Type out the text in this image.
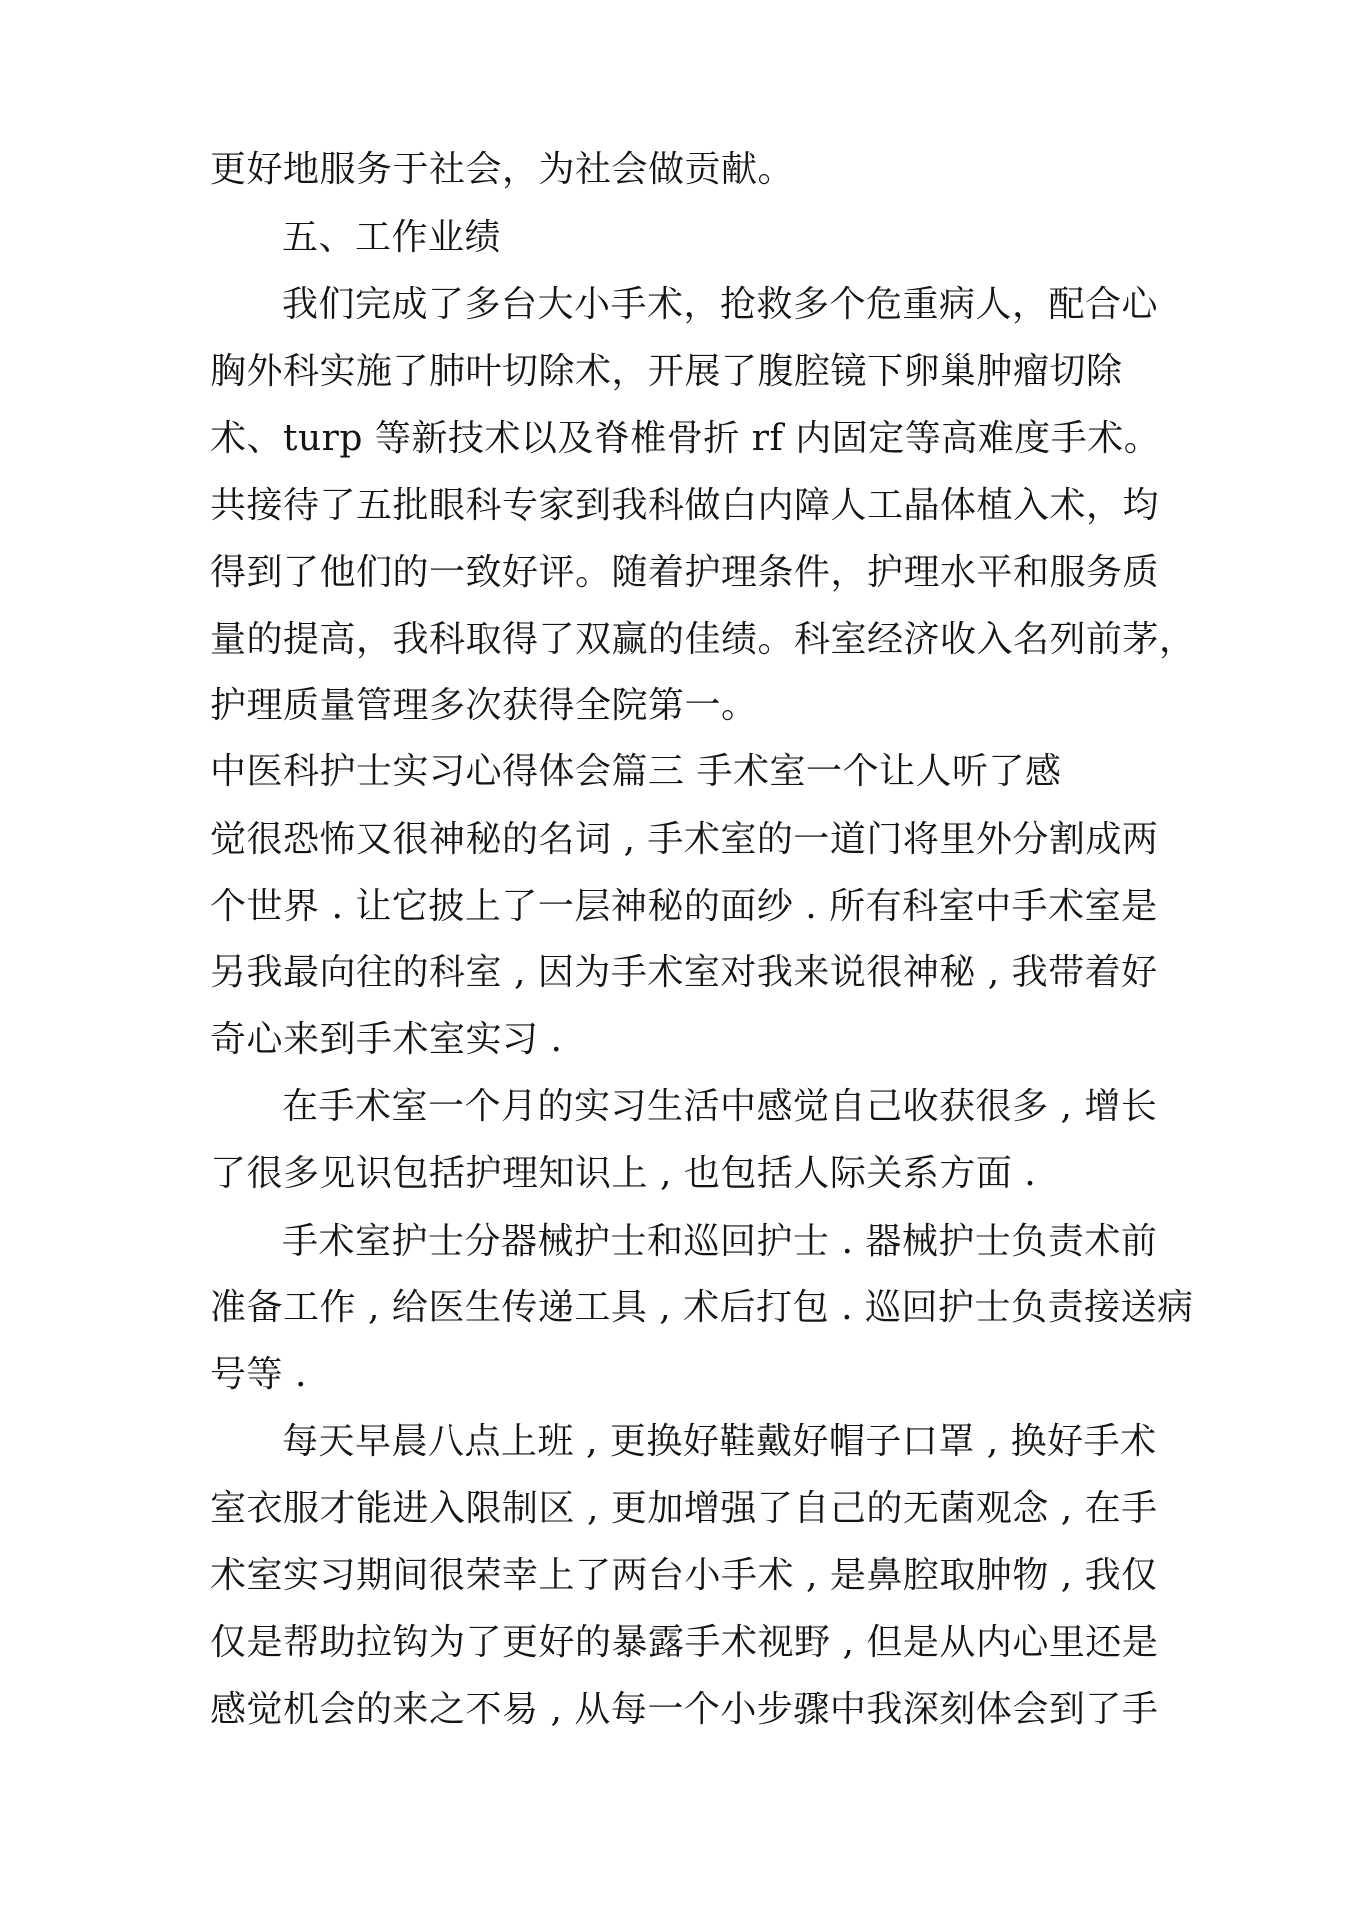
更好地服务于社会，为社会做贡献。

五、工作业绩

我们完成了多台大小手术，抢救多个危重病人，配合心

胸外科实施了肺叶切除术，开展了腹腔镜下卵巢肿瘤切除

术、turp 等新技术以及脊椎骨折 rf 内固定等高难度手术。

共接待了五批眼科专家到我科做白内障人工晶体植入术，均

得到了他们的一致好评。随着护理条件，护理水平和服务质

量的提高，我科取得了双赢的佳绩。科室经济收入名列前茅，

护理质量管理多次获得全院第一。

中医科护士实习心得体会篇三 手术室一个让人听了感

觉很恐怖又很神秘的名词 , 手术室的一道门将里外分割成两

个世界 . 让它披上了一层神秘的面纱 . 所有科室中手术室是

另我最向往的科室 , 因为手术室对我来说很神秘 , 我带着好

奇心来到手术室实习 .

在手术室一个月的实习生活中感觉自己收获很多 , 增长

了很多见识包括护理知识上 , 也包括人际关系方面 .

手术室护士分器械护士和巡回护士 . 器械护士负责术前

准备工作 , 给医生传递工具 , 术后打包 . 巡回护士负责接送病

号等 .

每天早晨八点上班 , 更换好鞋戴好帽子口罩 , 换好手术

室衣服才能进入限制区 , 更加增强了自己的无菌观念 , 在手

术室实习期间很荣幸上了两台小手术 , 是鼻腔取肿物 , 我仅

仅是帮助拉钩为了更好的暴露手术视野 , 但是从内心里还是

感觉机会的来之不易 , 从每一个小步骤中我深刻体会到了手
